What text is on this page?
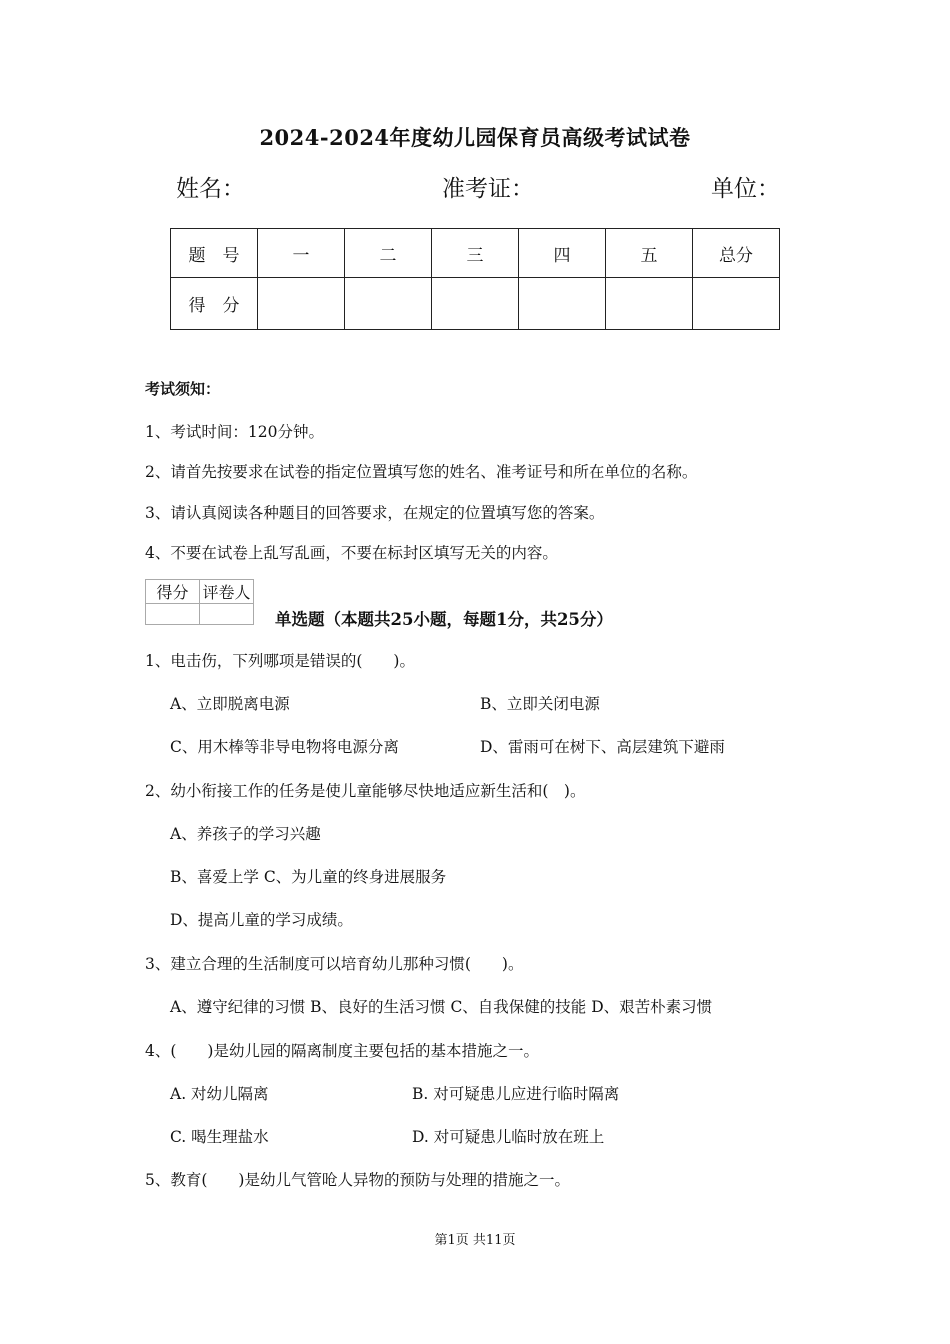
2024-2024年度幼儿园保育员高级考试试卷
姓名：	准考证：	单位：
题　号	一	二	三	四	五	总分
得　分						
考试须知：
1、考试时间：120分钟。
2、请首先按要求在试卷的指定位置填写您的姓名、准考证号和所在单位的名称。
3、请认真阅读各种题目的回答要求，在规定的位置填写您的答案。
4、不要在试卷上乱写乱画，不要在标封区填写无关的内容。
得分	评卷人

单选题（本题共25小题，每题1分，共25分）
1、电击伤，下列哪项是错误的(　　)。
A、立即脱离电源	B、立即关闭电源
C、用木棒等非导电物将电源分离	D、雷雨可在树下、高层建筑下避雨
2、幼小衔接工作的任务是使儿童能够尽快地适应新生活和(　)。
A、养孩子的学习兴趣
B、喜爱上学 C、为儿童的终身进展服务
D、提高儿童的学习成绩。
3、建立合理的生活制度可以培育幼儿那种习惯(　　)。
A、遵守纪律的习惯 B、良好的生活习惯 C、自我保健的技能 D、艰苦朴素习惯
4、(　　)是幼儿园的隔离制度主要包括的基本措施之一。
A. 对幼儿隔离	B. 对可疑患儿应进行临时隔离
C. 喝生理盐水	D. 对可疑患儿临时放在班上
5、教育(　　)是幼儿气管呛人异物的预防与处理的措施之一。
第1页 共11页
